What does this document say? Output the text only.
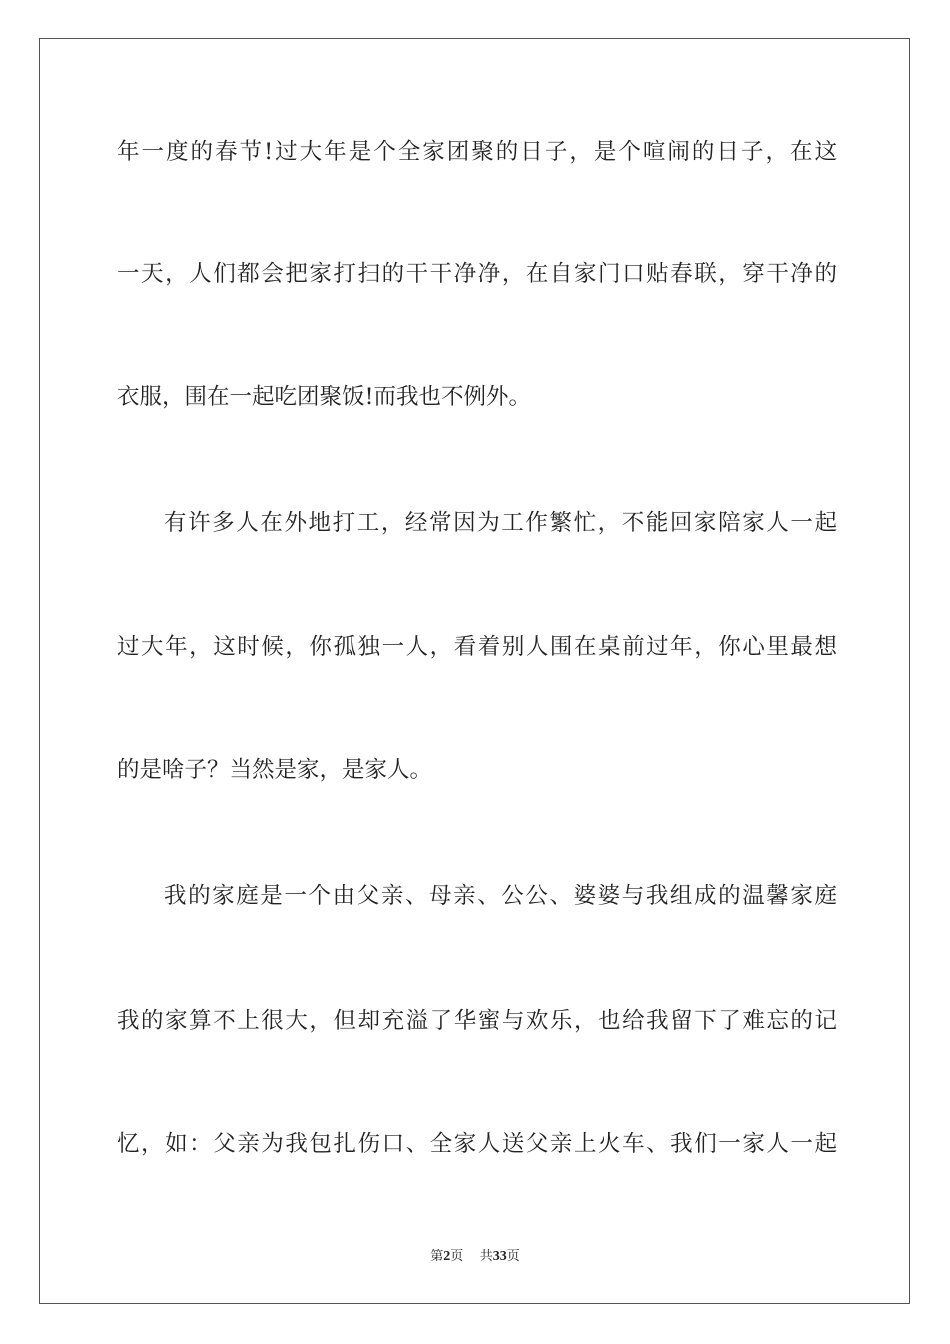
年一度的春节!过大年是个全家团聚的日子，是个喧闹的日子，在这
一天，人们都会把家打扫的干干净净，在自家门口贴春联，穿干净的
衣服，围在一起吃团聚饭!而我也不例外。
有许多人在外地打工，经常因为工作繁忙，不能回家陪家人一起
过大年，这时候，你孤独一人，看着别人围在桌前过年，你心里最想
的是啥子？当然是家，是家人。
我的家庭是一个由父亲、母亲、公公、婆婆与我组成的温馨家庭
我的家算不上很大，但却充溢了华蜜与欢乐，也给我留下了难忘的记
忆，如：父亲为我包扎伤口、全家人送父亲上火车、我们一家人一起
第2页 共33页
